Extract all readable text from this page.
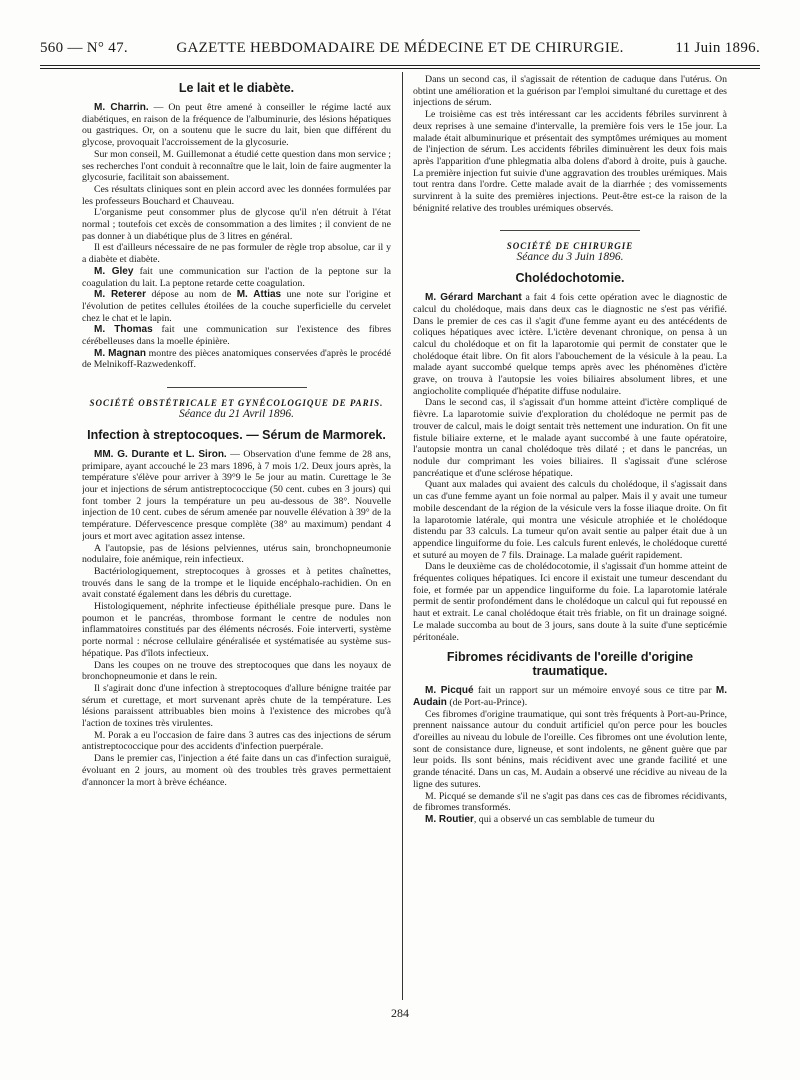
560 — N° 47.	GAZETTE HEBDOMADAIRE DE MÉDECINE ET DE CHIRURGIE.	11 Juin 1896.
Le lait et le diabète.

M. Charrin. — On peut être amené à conseiller le régime lacté aux diabétiques, en raison de la fréquence de l'albuminurie, des lésions hépatiques ou gastriques. Or, on a soutenu que le sucre du lait, bien que différent du glycose, provoquait l'accroissement de la glycosurie.

Sur mon conseil, M. Guillemonat a étudié cette question dans mon service ; ses recherches l'ont conduit à reconnaître que le lait, loin de faire augmenter la glycosurie, facilitait son abaissement.

Ces résultats cliniques sont en plein accord avec les données formulées par les professeurs Bouchard et Chauveau.

L'organisme peut consommer plus de glycose qu'il n'en détruit à l'état normal ; toutefois cet excès de consommation a des limites ; il convient de ne pas donner à un diabétique plus de 3 litres en général.

Il est d'ailleurs nécessaire de ne pas formuler de règle trop absolue, car il y a diabète et diabète.

M. Gley fait une communication sur l'action de la peptone sur la coagulation du lait. La peptone retarde cette coagulation.

M. Reterer dépose au nom de M. Attias une note sur l'origine et l'évolution de petites cellules étoilées de la couche superficielle du cervelet chez le chat et le lapin.

M. Thomas fait une communication sur l'existence des fibres cérébelleuses dans la moelle épinière.

M. Magnan montre des pièces anatomiques conservées d'après le procédé de Melnikoff-Razwedenkoff.

SOCIÉTÉ OBSTÉTRICALE ET GYNÉCOLOGIQUE DE PARIS.

Séance du 21 Avril 1896.

Infection à streptocoques. — Sérum de Marmorek.

MM. G. Durante et L. Siron. — Observation d'une femme de 28 ans, primipare, ayant accouché le 23 mars 1896, à 7 mois 1/2. Deux jours après, la température s'élève pour arriver à 39°9 le 5e jour au matin. Curettage le 3e jour et injections de sérum antistreptococcique (50 cent. cubes en 3 jours) qui font tomber 2 jours la température un peu au-dessous de 38°. Nouvelle injection de 10 cent. cubes de sérum amenée par nouvelle élévation à 39° de la température. Défervescence presque complète (38° au maximum) pendant 4 jours et mort avec agitation assez intense.

A l'autopsie, pas de lésions pelviennes, utérus sain, bronchopneumonie nodulaire, foie anémique, rein infectieux.

Bactériologiquement, streptocoques à grosses et à petites chaînettes, trouvés dans le sang de la trompe et le liquide encéphalo-rachidien. On en avait constaté également dans les débris du curettage.

Histologiquement, néphrite infectieuse épithéliale presque pure. Dans le poumon et le pancréas, thrombose formant le centre de nodules non inflammatoires constitués par des éléments nécrosés. Foie interverti, système porte normal : nécrose cellulaire généralisée et systématisée au système sus-hépatique. Pas d'îlots infectieux.

Dans les coupes on ne trouve des streptocoques que dans les noyaux de bronchopneumonie et dans le rein.

Il s'agirait donc d'une infection à streptocoques d'allure bénigne traitée par sérum et curettage, et mort survenant après chute de la température. Les lésions paraissent attribuables bien moins à l'existence des microbes qu'à l'action de toxines très virulentes.

M. Porak a eu l'occasion de faire dans 3 autres cas des injections de sérum antistreptococcique pour des accidents d'infection puerpérale.

Dans le premier cas, l'injection a été faite dans un cas d'infection suraiguë, évoluant en 2 jours, au moment où des troubles très graves permettaient d'annoncer la mort à brève échéance.

Dans un second cas, il s'agissait de rétention de caduque dans l'utérus. On obtint une amélioration et la guérison par l'emploi simultané du curettage et des injections de sérum.

Le troisième cas est très intéressant car les accidents fébriles survinrent à deux reprises à une semaine d'intervalle, la première fois vers le 15e jour. La malade était albuminurique et présentait des symptômes urémiques au moment de l'injection de sérum. Les accidents fébriles diminuèrent les deux fois mais après l'apparition d'une phlegmatia alba dolens d'abord à droite, puis à gauche. La première injection fut suivie d'une aggravation des troubles urémiques. Mais tout rentra dans l'ordre. Cette malade avait de la diarrhée ; des vomissements survinrent à la suite des premières injections. Peut-être est-ce la raison de la bénignité relative des troubles urémiques observés.

SOCIÉTÉ DE CHIRURGIE

Séance du 3 Juin 1896.

Cholédochotomie.

M. Gérard Marchant a fait 4 fois cette opération avec le diagnostic de calcul du cholédoque, mais dans deux cas le diagnostic ne s'est pas vérifié. Dans le premier de ces cas il s'agit d'une femme ayant eu des antécédents de coliques hépatiques avec ictère. L'ictère devenant chronique, on pensa à un calcul du cholédoque et on fit la laparotomie qui permit de constater que le cholédoque était libre. On fit alors l'abouchement de la vésicule à la peau. La malade ayant succombé quelque temps après avec les phénomènes d'ictère grave, on trouva à l'autopsie les voies biliaires absolument libres, et une angiocholite compliquée d'hépatite diffuse nodulaire.

Dans le second cas, il s'agissait d'un homme atteint d'ictère compliqué de fièvre. La laparotomie suivie d'exploration du cholédoque ne permit pas de trouver de calcul, mais le doigt sentait très nettement une induration. On fit une fistule biliaire externe, et le malade ayant succombé à une faute opératoire, l'autopsie montra un canal cholédoque très dilaté ; et dans le pancréas, un nodule dur comprimant les voies biliaires. Il s'agissait d'une sclérose pancréatique et d'une sclérose hépatique.

Quant aux malades qui avaient des calculs du cholédoque, il s'agissait dans un cas d'une femme ayant un foie normal au palper. Mais il y avait une tumeur mobile descendant de la région de la vésicule vers la fosse iliaque droite. On fit la laparotomie latérale, qui montra une vésicule atrophiée et le cholédoque distendu par 33 calculs. La tumeur qu'on avait sentie au palper était due à un appendice linguiforme du foie. Les calculs furent enlevés, le cholédoque curetté et suturé au moyen de 7 fils. Drainage. La malade guérit rapidement.

Dans le deuxième cas de cholédocotomie, il s'agissait d'un homme atteint de fréquentes coliques hépatiques. Ici encore il existait une tumeur descendant du foie, et formée par un appendice linguiforme du foie. La laparotomie latérale permit de sentir profondément dans le cholédoque un calcul qui fut repoussé en haut et extrait. Le canal cholédoque était très friable, on fit un drainage soigné. Le malade succomba au bout de 3 jours, sans doute à la suite d'une septicémie péritonéale.

Fibromes récidivants de l'oreille d'origine traumatique.

M. Picqué fait un rapport sur un mémoire envoyé sous ce titre par M. Audain (de Port-au-Prince).

Ces fibromes d'origine traumatique, qui sont très fréquents à Port-au-Prince, prennent naissance autour du conduit artificiel qu'on perce pour les boucles d'oreilles au niveau du lobule de l'oreille. Ces fibromes ont une évolution lente, sont de consistance dure, ligneuse, et sont indolents, ne gênent guère que par leur poids. Ils sont bénins, mais récidivent avec une grande facilité et une grande ténacité. Dans un cas, M. Audain a observé une récidive au niveau de la ligne des sutures.

M. Picqué se demande s'il ne s'agit pas dans ces cas de fibromes récidivants, de fibromes transformés.

M. Routier, qui a observé un cas semblable de tumeur du

284
